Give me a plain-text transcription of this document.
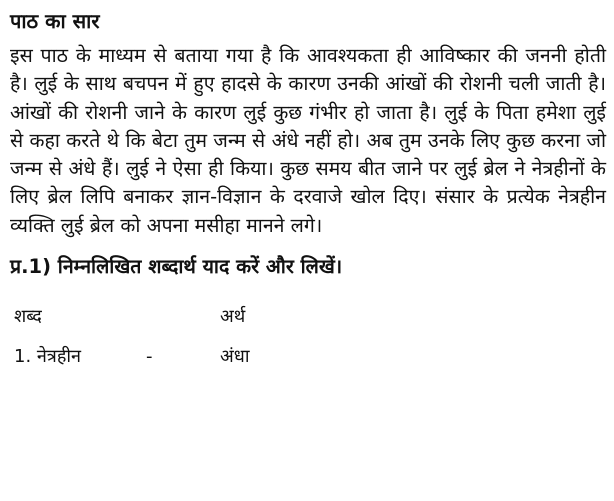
पाठ का सार

इस पाठ के माध्यम से बताया गया है कि आवश्यकता ही आविष्कार की जननी होती है। लुई के साथ बचपन में हुए हादसे के कारण उनकी आंखों की रोशनी चली जाती है। आंखों की रोशनी जाने के कारण लुई कुछ गंभीर हो जाता है। लुई के पिता हमेशा लुई से कहा करते थे कि बेटा तुम जन्म से अंधे नहीं हो। अब तुम उनके लिए कुछ करना जो जन्म से अंधे हैं। लुई ने ऐसा ही किया। कुछ समय बीत जाने पर लुई ब्रेल ने नेत्रहीनों के लिए ब्रेल लिपि बनाकर ज्ञान-विज्ञान के दरवाजे खोल दिए। संसार के प्रत्येक नेत्रहीन व्यक्ति लुई ब्रेल को अपना मसीहा मानने लगे।

प्र.1) निम्नलिखित शब्दार्थ याद करें और लिखें।
शब्द		अर्थ
1. नेत्रहीन	-	अंधा
